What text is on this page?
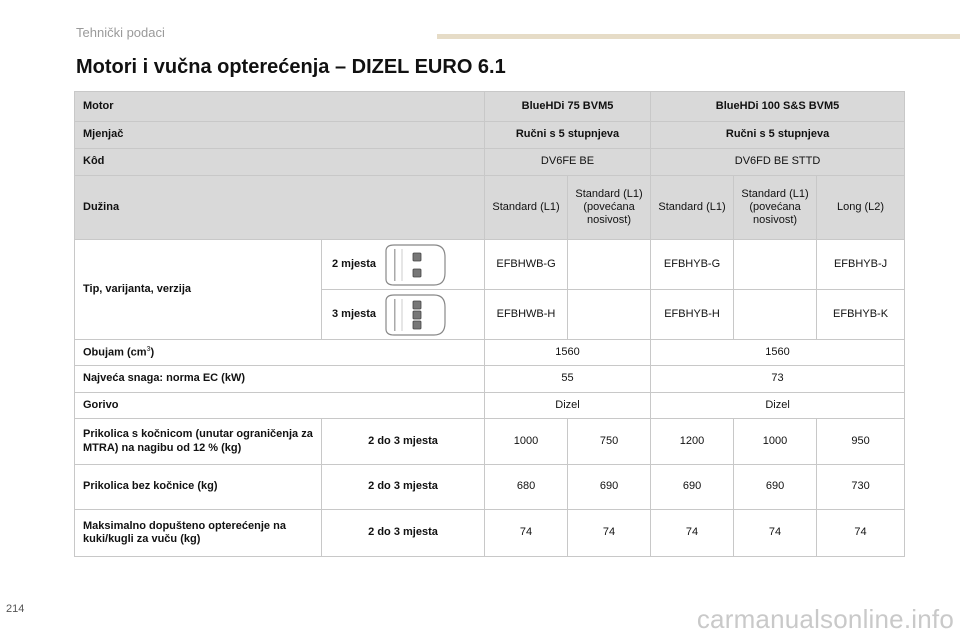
Tehnički podaci
Motori i vučna opterećenja – DIZEL EURO 6.1
Motor		BlueHDi 75 BVM5		BlueHDi 100 S&S BVM5		
Mjenjač		Ručni s 5 stupnjeva		Ručni s 5 stupnjeva		
Kôd		DV6FE BE		DV6FD BE STTD		
Dužina		Standard (L1)	Standard (L1) (povećana nosivost)	Standard (L1)	Standard (L1) (povećana nosivost)	Long (L2)
Tip, varijanta, verzija	2 mjesta	EFBHWB-G		EFBHYB-G		EFBHYB-J

	3 mjesta	EFBHWB-H		EFBHYB-H		EFBHYB-K
Obujam $(cm^3)$		1560		1560		
Najveća snaga: norma EC (kW)		55		73		
Gorivo		Dizel		Dizel		
Prikolica s kočnicom (unutar ograničenja za MTRA) na nagibu od 12 % (kg)	2 do 3 mjesta	1000	750	1200	1000	950
Prikolica bez kočnice (kg)	2 do 3 mjesta	680	690	690	690	730
Maksimalno dopušteno opterećenje na kuki/kugli za vuču (kg)	2 do 3 mjesta	74	74	74	74	74
214	carmanualsonline.info
